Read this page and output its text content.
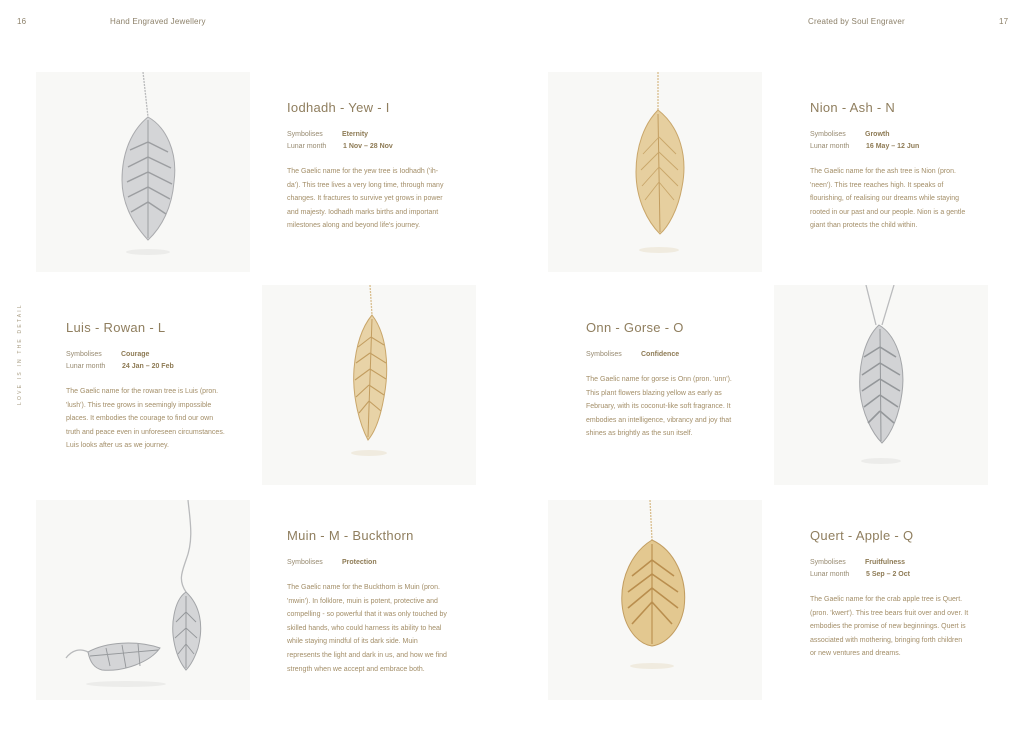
16	Hand Engraved Jewellery	Created by Soul Engraver	17
LOVE IS IN THE DETAIL
Iodhadh - Yew - I
Symbolises	Eternity
Lunar month 1 Nov – 28 Nov
The Gaelic name for the yew tree is Iodhadh ('ih-da'). This tree lives a very long time, through many changes. It fractures to survive yet grows in power and majesty. Iodhadh marks births and important milestones along and beyond life's journey.
Nion - Ash - N
Symbolises	Growth
Lunar month 16 May – 12 Jun
The Gaelic name for the ash tree is Nion (pron. 'neen'). This tree reaches high. It speaks of flourishing, of realising our dreams while staying rooted in our past and our people. Nion is a gentle giant than protects the child within.
Luis - Rowan - L
Symbolises	Courage
Lunar month 24 Jan – 20 Feb
The Gaelic name for the rowan tree is Luis (pron. 'lush'). This tree grows in seemingly impossible places. It embodies the courage to find our own truth and peace even in unforeseen circumstances. Luis looks after us as we journey.
Onn - Gorse - O
Symbolises	Confidence
The Gaelic name for gorse is Onn (pron. 'unn'). This plant flowers blazing yellow as early as February, with its coconut-like soft fragrance. It embodies an intelligence, vibrancy and joy that shines as brightly as the sun itself.
Muin - M - Buckthorn
Symbolises	Protection
The Gaelic name for the Buckthorn is Muin (pron. 'mwin'). In folklore, muin is potent, protective and compelling - so powerful that it was only touched by skilled hands, who could harness its ability to heal while staying mindful of its dark side. Muin represents the light and dark in us, and how we find strength when we accept and embrace both.
Quert - Apple - Q
Symbolises	Fruitfulness
Lunar month 5 Sep – 2 Oct
The Gaelic name for the crab apple tree is Quert. (pron. 'kwert'). This tree bears fruit over and over. It embodies the promise of new beginnings. Quert is associated with mothering, bringing forth children or new ventures and dreams.
